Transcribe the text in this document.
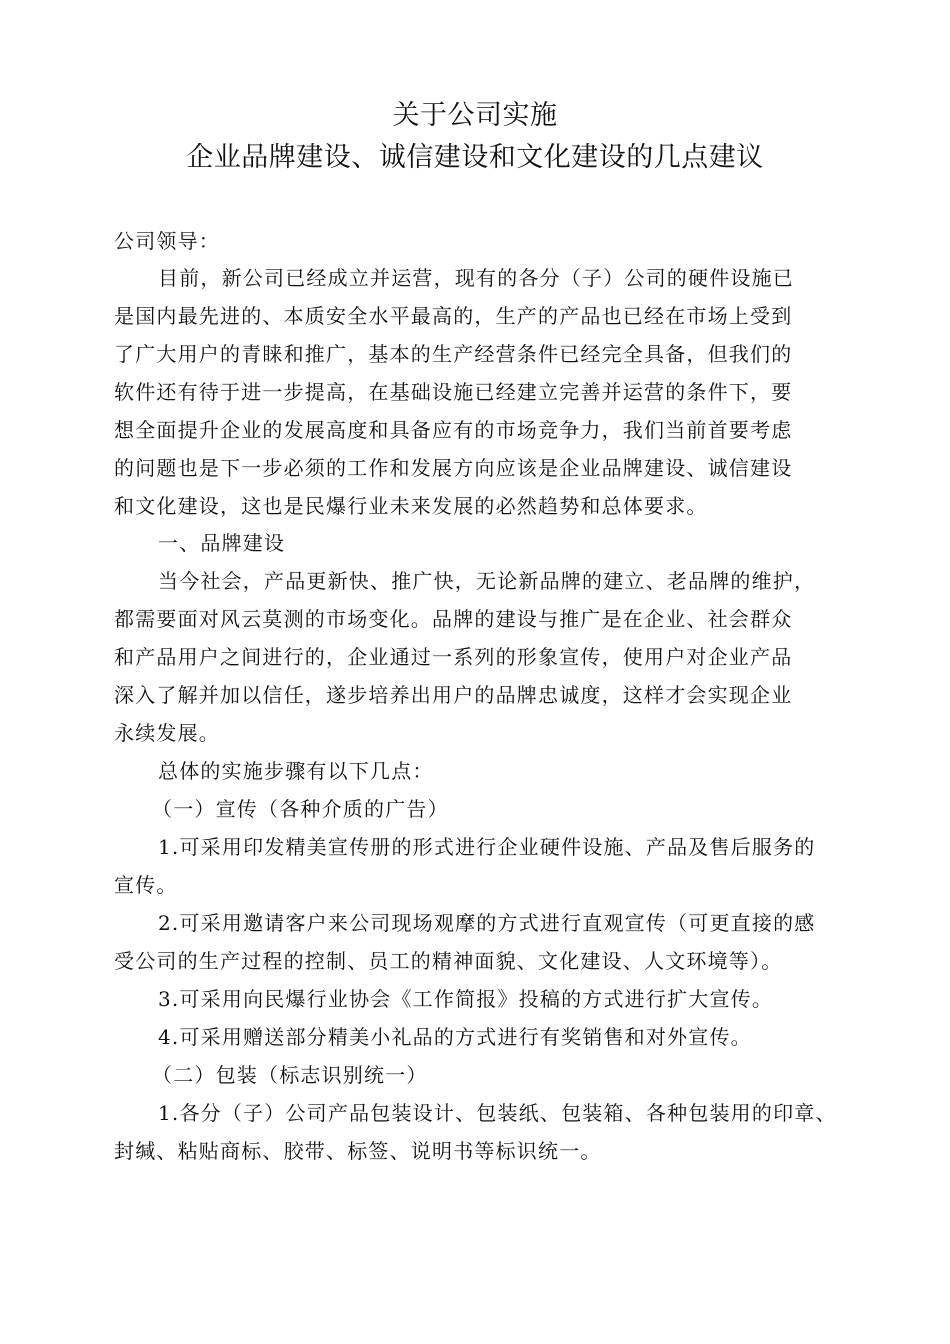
关于公司实施
企业品牌建设、诚信建设和文化建设的几点建议
公司领导：
目前，新公司已经成立并运营，现有的各分（子）公司的硬件设施已
是国内最先进的、本质安全水平最高的，生产的产品也已经在市场上受到
了广大用户的青睐和推广，基本的生产经营条件已经完全具备，但我们的
软件还有待于进一步提高，在基础设施已经建立完善并运营的条件下，要
想全面提升企业的发展高度和具备应有的市场竞争力，我们当前首要考虑
的问题也是下一步必须的工作和发展方向应该是企业品牌建设、诚信建设
和文化建设，这也是民爆行业未来发展的必然趋势和总体要求。
一、品牌建设
当今社会，产品更新快、推广快，无论新品牌的建立、老品牌的维护，
都需要面对风云莫测的市场变化。品牌的建设与推广是在企业、社会群众
和产品用户之间进行的，企业通过一系列的形象宣传，使用户对企业产品
深入了解并加以信任，遂步培养出用户的品牌忠诚度，这样才会实现企业
永续发展。
总体的实施步骤有以下几点：
（一）宣传（各种介质的广告）
1.可采用印发精美宣传册的形式进行企业硬件设施、产品及售后服务的
宣传。
2.可采用邀请客户来公司现场观摩的方式进行直观宣传（可更直接的感
受公司的生产过程的控制、员工的精神面貌、文化建设、人文环境等）。
3.可采用向民爆行业协会《工作简报》投稿的方式进行扩大宣传。
4.可采用赠送部分精美小礼品的方式进行有奖销售和对外宣传。
（二）包装（标志识别统一）
1.各分（子）公司产品包装设计、包装纸、包装箱、各种包装用的印章、
封缄、粘贴商标、胶带、标签、说明书等标识统一。
